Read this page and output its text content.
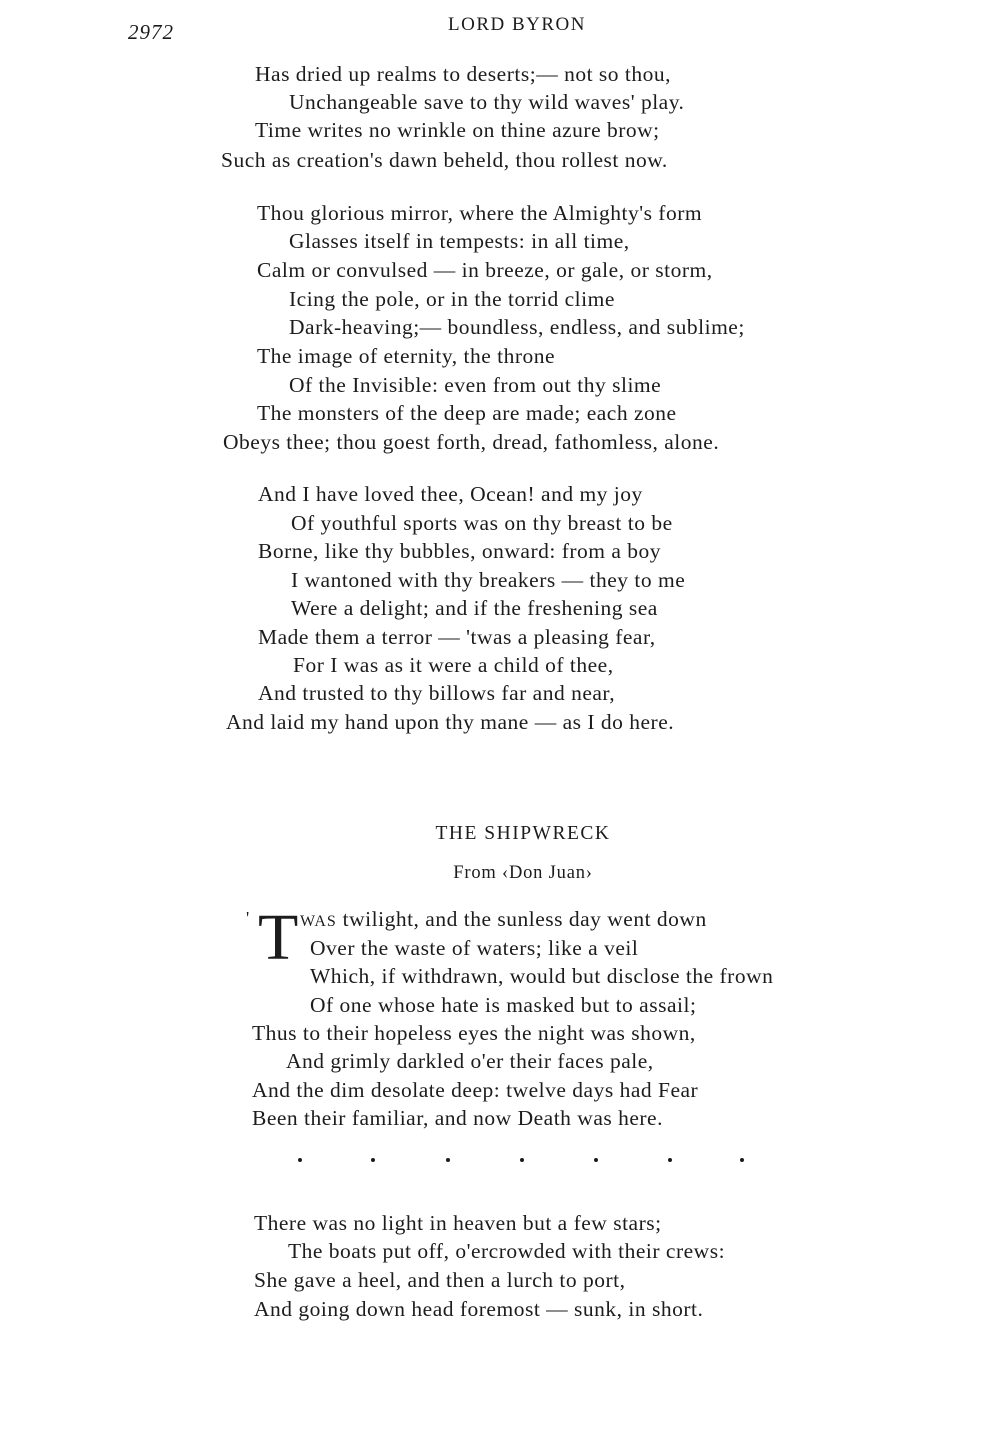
2972	LORD BYRON
Has dried up realms to deserts;— not so thou,
Unchangeable save to thy wild waves' play.
Time writes no wrinkle on thine azure brow;
Such as creation's dawn beheld, thou rollest now.
Thou glorious mirror, where the Almighty's form
Glasses itself in tempests: in all time,
Calm or convulsed — in breeze, or gale, or storm,
Icing the pole, or in the torrid clime
Dark-heaving;— boundless, endless, and sublime;
The image of eternity, the throne
Of the Invisible: even from out thy slime
The monsters of the deep are made; each zone
Obeys thee; thou goest forth, dread, fathomless, alone.
And I have loved thee, Ocean! and my joy
Of youthful sports was on thy breast to be
Borne, like thy bubbles, onward: from a boy
I wantoned with thy breakers — they to me
Were a delight; and if the freshening sea
Made them a terror — 'twas a pleasing fear,
For I was as it were a child of thee,
And trusted to thy billows far and near,
And laid my hand upon thy mane — as I do here.
THE SHIPWRECK
From ‹Don Juan›
' T WAS twilight, and the sunless day went down
Over the waste of waters; like a veil
Which, if withdrawn, would but disclose the frown
Of one whose hate is masked but to assail;
Thus to their hopeless eyes the night was shown,
And grimly darkled o'er their faces pale,
And the dim desolate deep: twelve days had Fear
Been their familiar, and now Death was here.
There was no light in heaven but a few stars;
The boats put off, o'ercrowded with their crews:
She gave a heel, and then a lurch to port,
And going down head foremost — sunk, in short.
